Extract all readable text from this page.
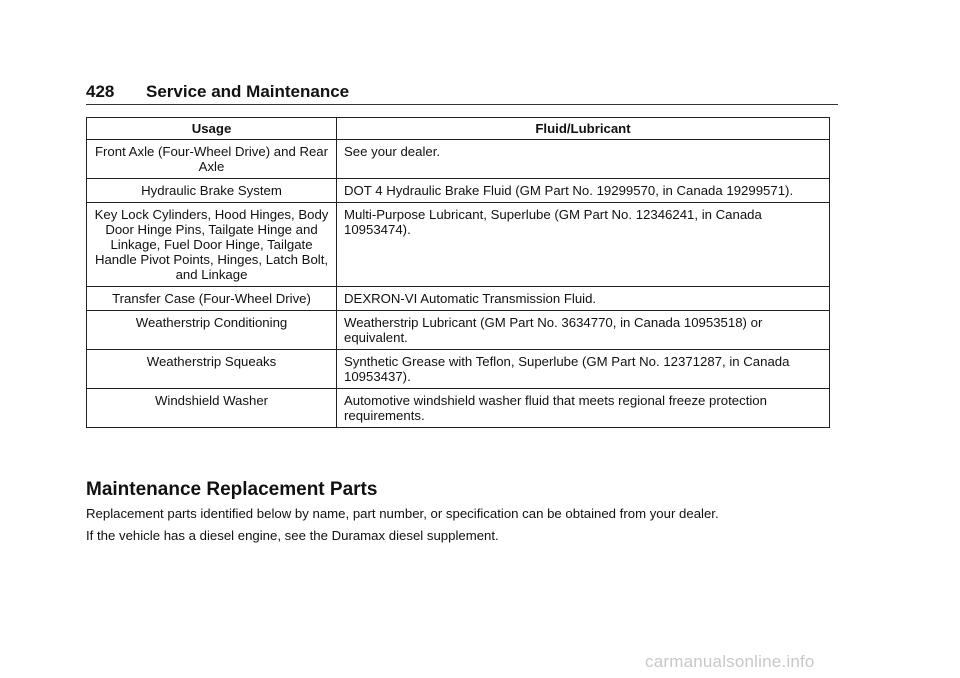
428 Service and Maintenance
Usage	Fluid/Lubricant
Front Axle (Four-Wheel Drive) and Rear Axle	See your dealer.
Hydraulic Brake System	DOT 4 Hydraulic Brake Fluid (GM Part No. 19299570, in Canada 19299571).
Key Lock Cylinders, Hood Hinges, Body Door Hinge Pins, Tailgate Hinge and Linkage, Fuel Door Hinge, Tailgate Handle Pivot Points, Hinges, Latch Bolt, and Linkage	Multi-Purpose Lubricant, Superlube (GM Part No. 12346241, in Canada 10953474).
Transfer Case (Four-Wheel Drive)	DEXRON-VI Automatic Transmission Fluid.
Weatherstrip Conditioning	Weatherstrip Lubricant (GM Part No. 3634770, in Canada 10953518) or equivalent.
Weatherstrip Squeaks	Synthetic Grease with Teflon, Superlube (GM Part No. 12371287, in Canada 10953437).
Windshield Washer	Automotive windshield washer fluid that meets regional freeze protection requirements.
Maintenance Replacement Parts
Replacement parts identified below by name, part number, or specification can be obtained from your dealer.
If the vehicle has a diesel engine, see the Duramax diesel supplement.
carmanualsonline.info
